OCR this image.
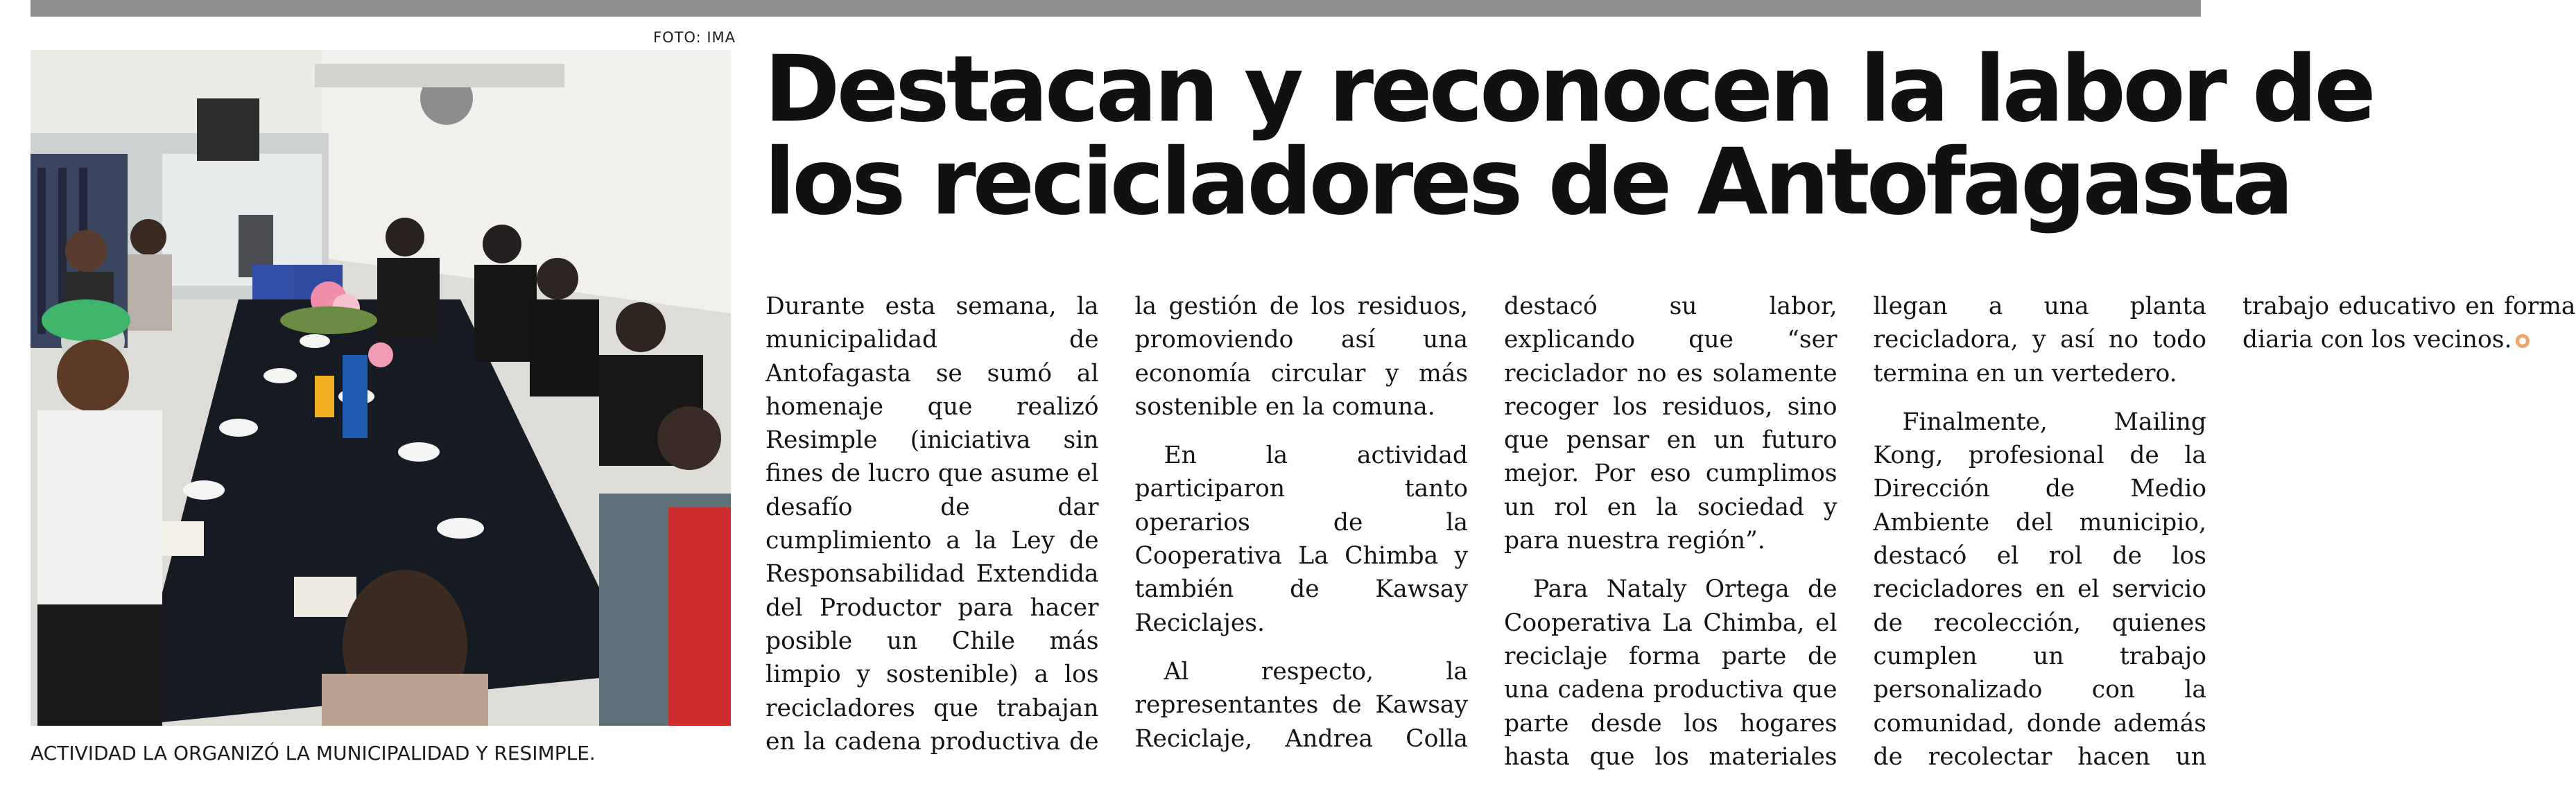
FOTO: IMA
ACTIVIDAD LA ORGANIZÓ LA MUNICIPALIDAD Y RESIMPLE.
Destacan y reconocen la labor de
los recicladores de Antofagasta

Durante esta semana, la municipalidad de Antofagasta se sumó al homenaje que realizó Resimple (iniciativa sin fines de lucro que asume el desafío de dar cumplimiento a la Ley de Responsabilidad Extendida del Productor para hacer posible un Chile más limpio y sostenible) a los recicladores que trabajan en la cadena productiva de la gestión de los residuos, promoviendo así una economía circular y más sostenible en la comuna.

En la actividad participaron tanto operarios de la Cooperativa La Chimba y también de Kawsay Reciclajes.

Al respecto, la representantes de Kawsay Reciclaje, Andrea Colla destacó su labor, explicando que “ser reciclador no es solamente recoger los residuos, sino que pensar en un futuro mejor. Por eso cumplimos un rol en la sociedad y para nuestra región”.

Para Nataly Ortega de Cooperativa La Chimba, el reciclaje forma parte de una cadena productiva que parte desde los hogares hasta que los materiales llegan a una planta recicladora, y así no todo termina en un vertedero.

Finalmente, Mailing Kong, profesional de la Dirección de Medio Ambiente del municipio, destacó el rol de los recicladores en el servicio de recolección, quienes cumplen un trabajo personalizado con la comunidad, donde además de recolectar hacen un trabajo educativo en forma diaria con los vecinos.
